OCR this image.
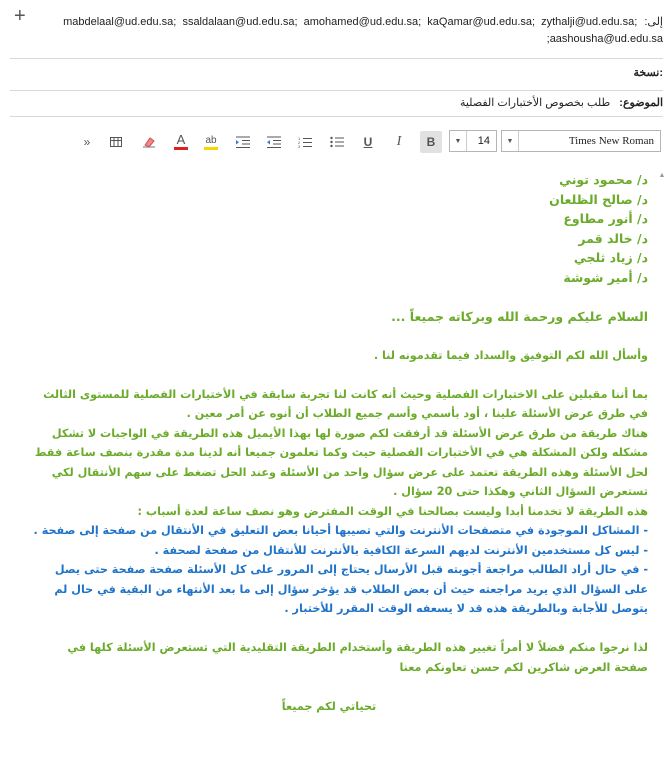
+	إلى: mabdelaal@ud.edu.sa; ssaldalaan@ud.edu.sa; amohamed@ud.edu.sa; kaQamar@ud.edu.sa; zythalji@ud.edu.sa; aashousha@ud.edu.sa;
نسخة:
الموضوع: طلب بخصوص الأختبارات الفصلية
»	A ab	1
2
3	U	I	B	▼	14	▼	Times New Roman
د/ محمود توني
د/ صالح الظلعان
د/ أنور مطاوع
د/ خالد قمر
د/ زياد ثلجي
د/ أمير شوشة
السلام عليكم ورحمة الله وبركاته جميعاً ...
وأسأل الله لكم التوفيق والسداد فيما تقدمونه لنا .
بما أننا مقبلين على الاختبارات الفصلية وحيث أنه كانت لنا تجربة سابقة في الأختبارات الفصلية للمستوى الثالث
في طرق عرض الأسئلة علينا ، أود بأسمي وأسم جميع الطلاب أن أنوه عن أمر معين .
هناك طريقة من طرق عرض الأسئلة قد أرفقت لكم صورة لها بهذا الأيميل هذه الطريقة في الواجبات لا تشكل
مشكله ولكن المشكلة هي في الأختبارات الفصلية حيث وكما تعلمون جميعا أنه لدينا مدة مقدرة بنصف ساعة فقط
لحل الأسئلة وهذه الطريقة تعتمد على عرض سؤال واحد من الأسئلة وعند الحل تضغط على سهم الأنتقال لكي
تستعرض السؤال الثاني وهكذا حتى 20 سؤال .
هذه الطريقة لا تخدمنا أبدا وليست بصالحنا في الوقت المفترض وهو نصف ساعة لعدة أسباب :
- المشاكل الموجودة في متصفحات الأنترنت والتي تصيبها أحيانا بعض التعليق في الأنتقال من صفحة إلى صفحة .
- ليس كل مستخدمين الأنترنت لديهم السرعة الكافية بالأنترنت للأنتقال من صفحة لصحفة .
- في حال أراد الطالب مراجعة أجوبته قبل الأرسال يحتاج إلى المرور على كل الأسئلة صفحة صفحة حتى يصل
على السؤال الذي يريد مراجعته حيث أن بعض الطلاب قد يؤخر سؤال إلى ما بعد الأنتهاء من البقية في حال لم
يتوصل للأجابة وبالطريقة هذه قد لا يسعفه الوقت المقرر للأختبار .
لذا نرجوا منكم فضلاً لا أمراً تغيير هذه الطريقة وأستخدام الطريقة التقليدية التي تستعرض الأسئلة كلها في
صفحة العرض شاكرين لكم حسن تعاونكم معنا
تحياتي لكم جميعاً
▲
